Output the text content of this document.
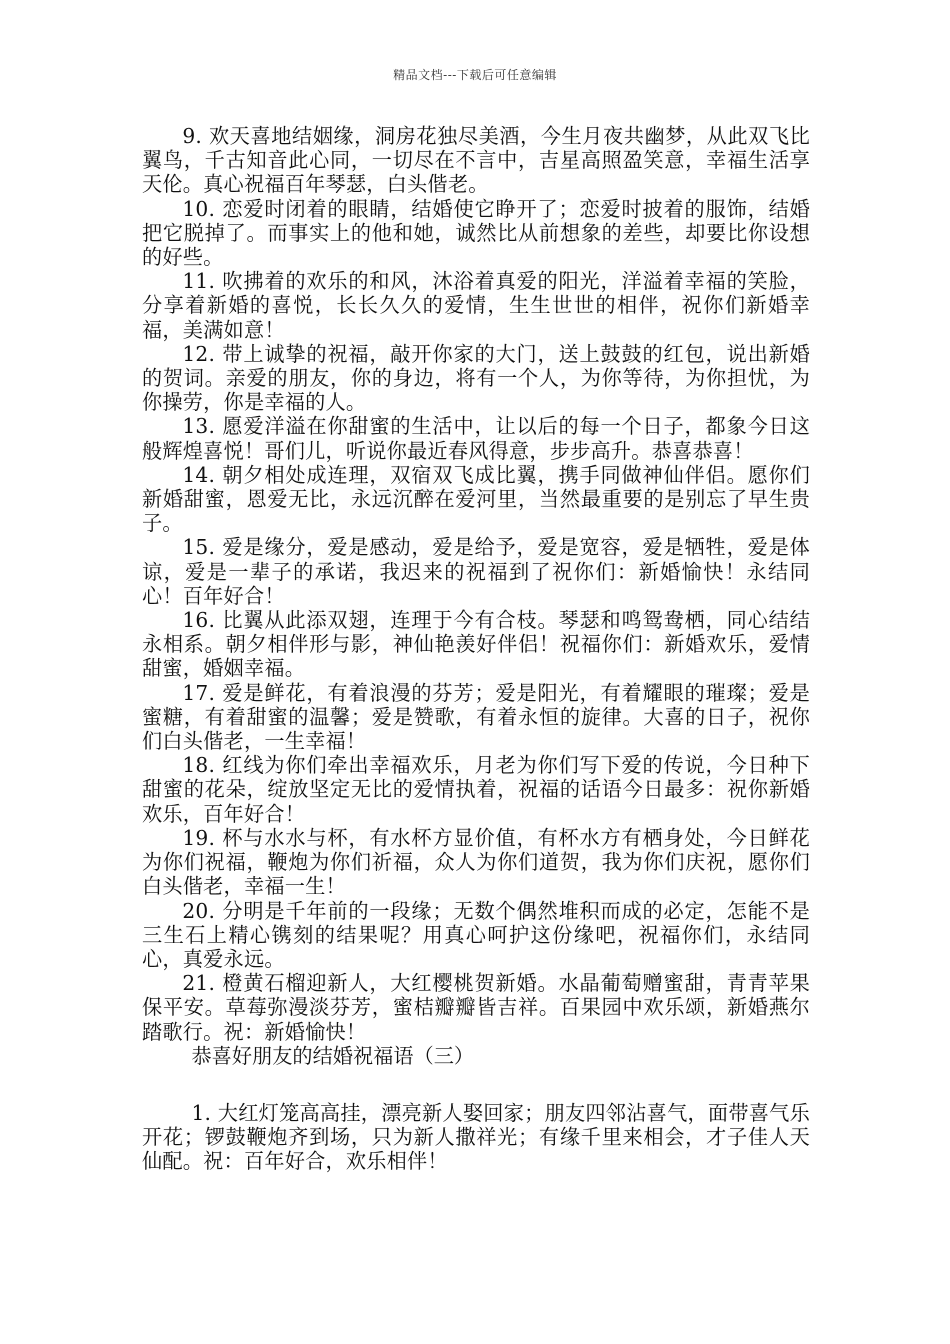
精品文档---下载后可任意编辑

9. 欢天喜地结姻缘，洞房花独尽美酒，今生月夜共幽梦，从此双飞比翼鸟，千古知音此心同，一切尽在不言中，吉星高照盈笑意，幸福生活享天伦。真心祝福百年琴瑟，白头偕老。

10. 恋爱时闭着的眼睛，结婚使它睁开了；恋爱时披着的服饰，结婚把它脱掉了。而事实上的他和她，诚然比从前想象的差些，却要比你设想的好些。

11. 吹拂着的欢乐的和风，沐浴着真爱的阳光，洋溢着幸福的笑脸，分享着新婚的喜悦，长长久久的爱情，生生世世的相伴，祝你们新婚幸福，美满如意！

12. 带上诚挚的祝福，敲开你家的大门，送上鼓鼓的红包，说出新婚的贺词。亲爱的朋友，你的身边，将有一个人，为你等待，为你担忧，为你操劳，你是幸福的人。

13. 愿爱洋溢在你甜蜜的生活中，让以后的每一个日子，都象今日这般辉煌喜悦！哥们儿，听说你最近春风得意，步步高升。恭喜恭喜！

14. 朝夕相处成连理，双宿双飞成比翼，携手同做神仙伴侣。愿你们新婚甜蜜，恩爱无比，永远沉醉在爱河里，当然最重要的是别忘了早生贵子。

15. 爱是缘分，爱是感动，爱是给予，爱是宽容，爱是牺牲，爱是体谅，爱是一辈子的承诺，我迟来的祝福到了祝你们：新婚愉快！永结同心！百年好合！

16. 比翼从此添双翅，连理于今有合枝。琴瑟和鸣鸳鸯栖，同心结结永相系。朝夕相伴形与影，神仙艳羡好伴侣！祝福你们：新婚欢乐，爱情甜蜜，婚姻幸福。

17. 爱是鲜花，有着浪漫的芬芳；爱是阳光，有着耀眼的璀璨；爱是蜜糖，有着甜蜜的温馨；爱是赞歌，有着永恒的旋律。大喜的日子，祝你们白头偕老，一生幸福！

18. 红线为你们牵出幸福欢乐，月老为你们写下爱的传说，今日种下甜蜜的花朵，绽放坚定无比的爱情执着，祝福的话语今日最多：祝你新婚欢乐，百年好合！

19. 杯与水水与杯，有水杯方显价值，有杯水方有栖身处，今日鲜花为你们祝福，鞭炮为你们祈福，众人为你们道贺，我为你们庆祝，愿你们白头偕老，幸福一生！

20. 分明是千年前的一段缘；无数个偶然堆积而成的必定，怎能不是三生石上精心镌刻的结果呢？用真心呵护这份缘吧，祝福你们，永结同心，真爱永远。

21. 橙黄石榴迎新人，大红樱桃贺新婚。水晶葡萄赠蜜甜，青青苹果保平安。草莓弥漫淡芬芳，蜜桔瓣瓣皆吉祥。百果园中欢乐颂，新婚燕尔踏歌行。祝：新婚愉快！

恭喜好朋友的结婚祝福语（三）

1. 大红灯笼高高挂，漂亮新人娶回家；朋友四邻沾喜气，面带喜气乐开花；锣鼓鞭炮齐到场，只为新人撒祥光；有缘千里来相会，才子佳人天仙配。祝：百年好合，欢乐相伴！
